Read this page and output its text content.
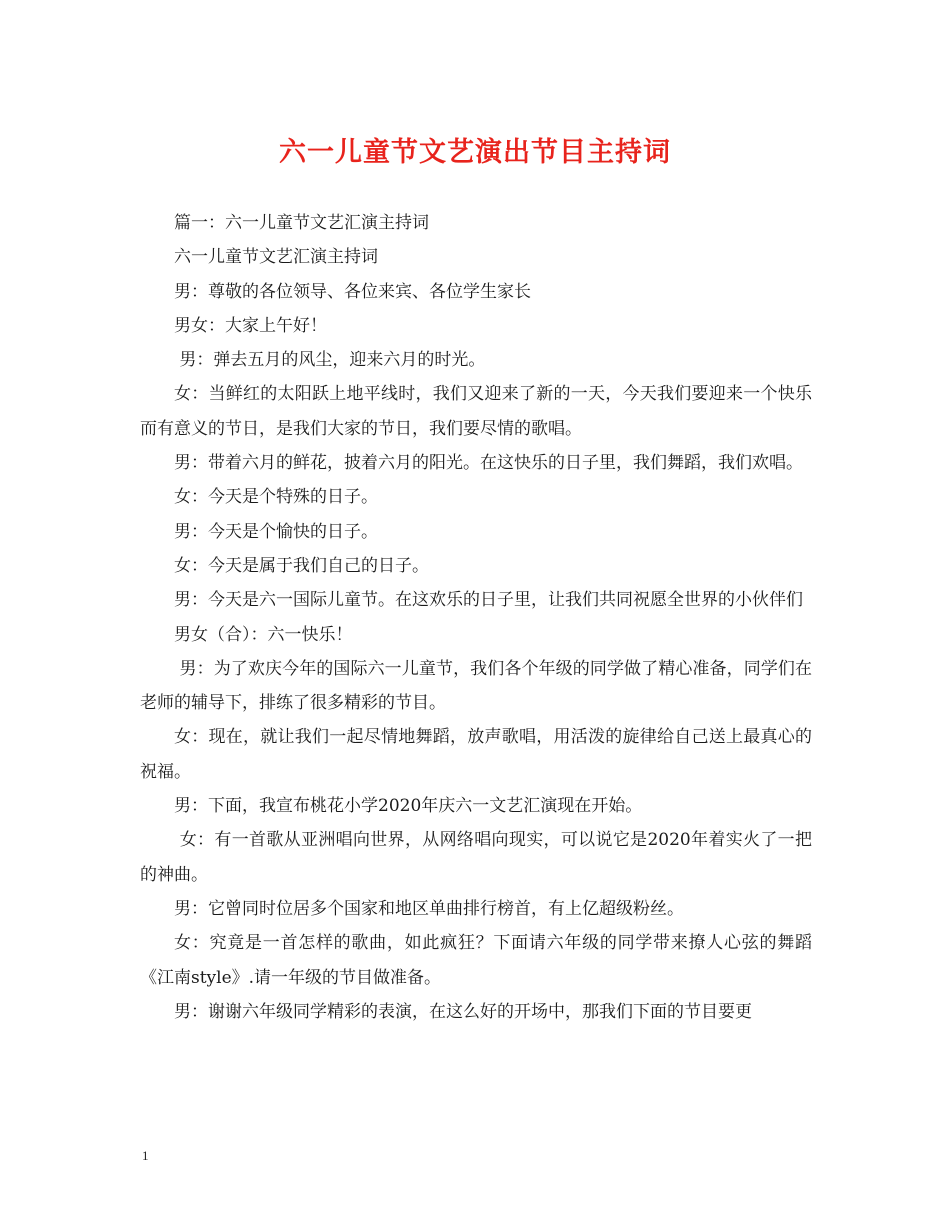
六一儿童节文艺演出节目主持词

篇一：六一儿童节文艺汇演主持词

六一儿童节文艺汇演主持词

男：尊敬的各位领导、各位来宾、各位学生家长

男女：大家上午好！

男：弹去五月的风尘，迎来六月的时光。

女：当鲜红的太阳跃上地平线时，我们又迎来了新的一天，今天我们要迎来一个快乐而有意义的节日，是我们大家的节日，我们要尽情的歌唱。

男：带着六月的鲜花，披着六月的阳光。在这快乐的日子里，我们舞蹈，我们欢唱。

女：今天是个特殊的日子。

男：今天是个愉快的日子。

女：今天是属于我们自己的日子。

男：今天是六一国际儿童节。在这欢乐的日子里，让我们共同祝愿全世界的小伙伴们

男女（合）：六一快乐！

男：为了欢庆今年的国际六一儿童节，我们各个年级的同学做了精心准备，同学们在老师的辅导下，排练了很多精彩的节目。

女：现在，就让我们一起尽情地舞蹈，放声歌唱，用活泼的旋律给自己送上最真心的祝福。

男：下面，我宣布桃花小学2020年庆六一文艺汇演现在开始。

女：有一首歌从亚洲唱向世界，从网络唱向现实，可以说它是2020年着实火了一把的神曲。

男：它曾同时位居多个国家和地区单曲排行榜首，有上亿超级粉丝。

女：究竟是一首怎样的歌曲，如此疯狂？下面请六年级的同学带来撩人心弦的舞蹈《江南style》.请一年级的节目做准备。

男：谢谢六年级同学精彩的表演，在这么好的开场中，那我们下面的节目要更

1
